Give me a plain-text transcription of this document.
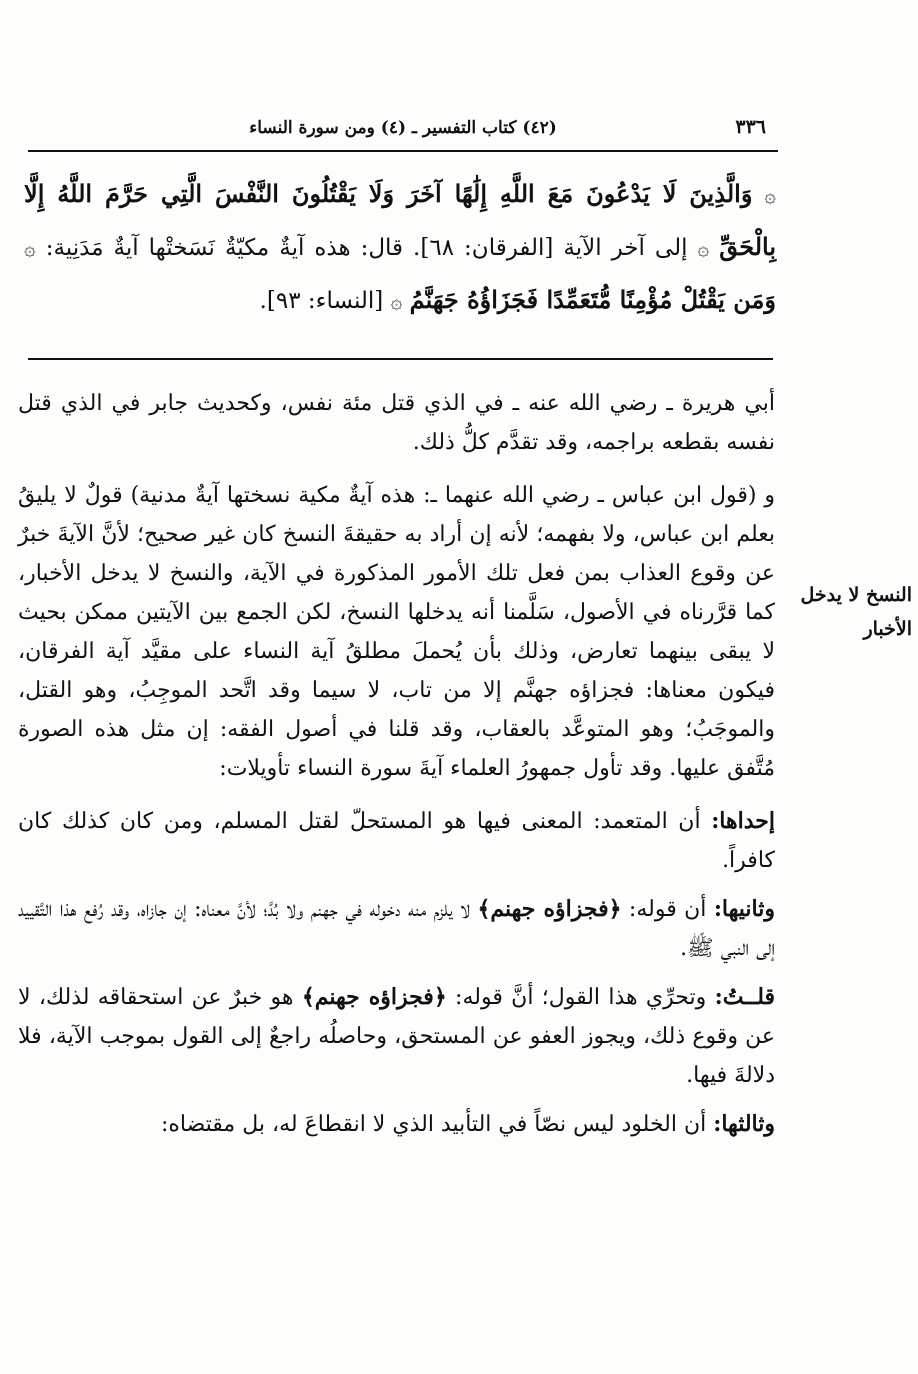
٣٣٦
(٤٢) كتاب التفسير ـ (٤) ومن سورة النساء
۞ وَالَّذِينَ لَا يَدْعُونَ مَعَ اللَّهِ إِلَٰهًا آخَرَ وَلَا يَقْتُلُونَ النَّفْسَ الَّتِي حَرَّمَ اللَّهُ إِلَّا بِالْحَقِّ ۞ إلى آخر الآية [الفرقان: ٦٨]. قال: هذه آيةٌ مكيّةٌ نَسَختْها آيةٌ مَدَنِية: ۞ وَمَن يَقْتُلْ مُؤْمِنًا مُّتَعَمِّدًا فَجَزَاؤُهُ جَهَنَّمُ ۞ [النساء: ٩٣].

أبي هريرة ـ رضي الله عنه ـ في الذي قتل مئة نفس، وكحديث جابر في الذي قتل نفسه بقطعه براجمه، وقد تقدَّم كلُّ ذلك.

و (قول ابن عباس ـ رضي الله عنهما ـ: هذه آيةٌ مكية نسختها آيةٌ مدنية) قولٌ لا يليقُ بعلم ابن عباس، ولا بفهمه؛ لأنه إن أراد به حقيقةَ النسخ كان غير صحيح؛ لأنَّ الآيةَ خبرٌ عن وقوع العذاب بمن فعل تلك الأمور المذكورة في الآية، والنسخ لا يدخل الأخبار، كما قرَّرناه في الأصول، سَلَّمنا أنه يدخلها النسخ، لكن الجمع بين الآيتين ممكن بحيث لا يبقى بينهما تعارض، وذلك بأن يُحملَ مطلقُ آية النساء على مقيَّد آية الفرقان، فيكون معناها: فجزاؤه جهنَّم إلا من تاب، لا سيما وقد اتَّحد الموجِبُ، وهو القتل، والموجَبُ؛ وهو المتوعَّد بالعقاب، وقد قلنا في أصول الفقه: إن مثل هذه الصورة مُتَّفق عليها. وقد تأول جمهورُ العلماء آيةَ سورة النساء تأويلات:

إحداها: أن المتعمد: المعنى فيها هو المستحلّ لقتل المسلم، ومن كان كذلك كان كافراً.

وثانيها: أن قوله: ﴿فجزاؤه جهنم﴾ لا يلزم منه دخوله في جهنم ولا بُدَّ؛ لأنَّ معناه: إن جازاه، وقد رُفع هذا التَّقييد إلى النبي ﷺ.

قلــتُ: وتحرِّي هذا القول؛ أنَّ قوله: ﴿فجزاؤه جهنم﴾ هو خبرٌ عن استحقاقه لذلك، لا عن وقوع ذلك، ويجوز العفو عن المستحق، وحاصلُه راجعٌ إلى القول بموجب الآية، فلا دلالةَ فيها.

وثالثها: أن الخلود ليس نصّاً في التأبيد الذي لا انقطاعَ له، بل مقتضاه:

النسخ لا يدخل
الأخبار
